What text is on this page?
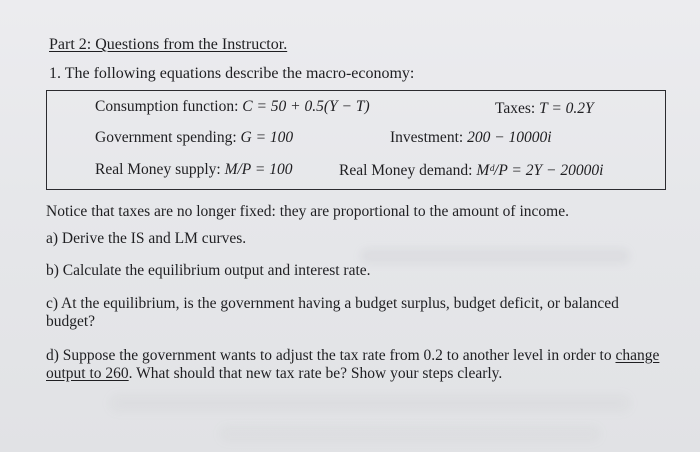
Part 2: Questions from the Instructor.
1. The following equations describe the macro-economy:
Consumption function: C = 50 + 0.5(Y − T)	Taxes: T = 0.2Y
Government spending: G = 100	Investment: 200 − 10000i
Real Money supply: M/P = 100	Real Money demand: Mᵈ/P = 2Y − 20000i
Notice that taxes are no longer fixed: they are proportional to the amount of income.
a) Derive the IS and LM curves.
b) Calculate the equilibrium output and interest rate.
c) At the equilibrium, is the government having a budget surplus, budget deficit, or balanced budget?
d) Suppose the government wants to adjust the tax rate from 0.2 to another level in order to change output to 260. What should that new tax rate be? Show your steps clearly.
